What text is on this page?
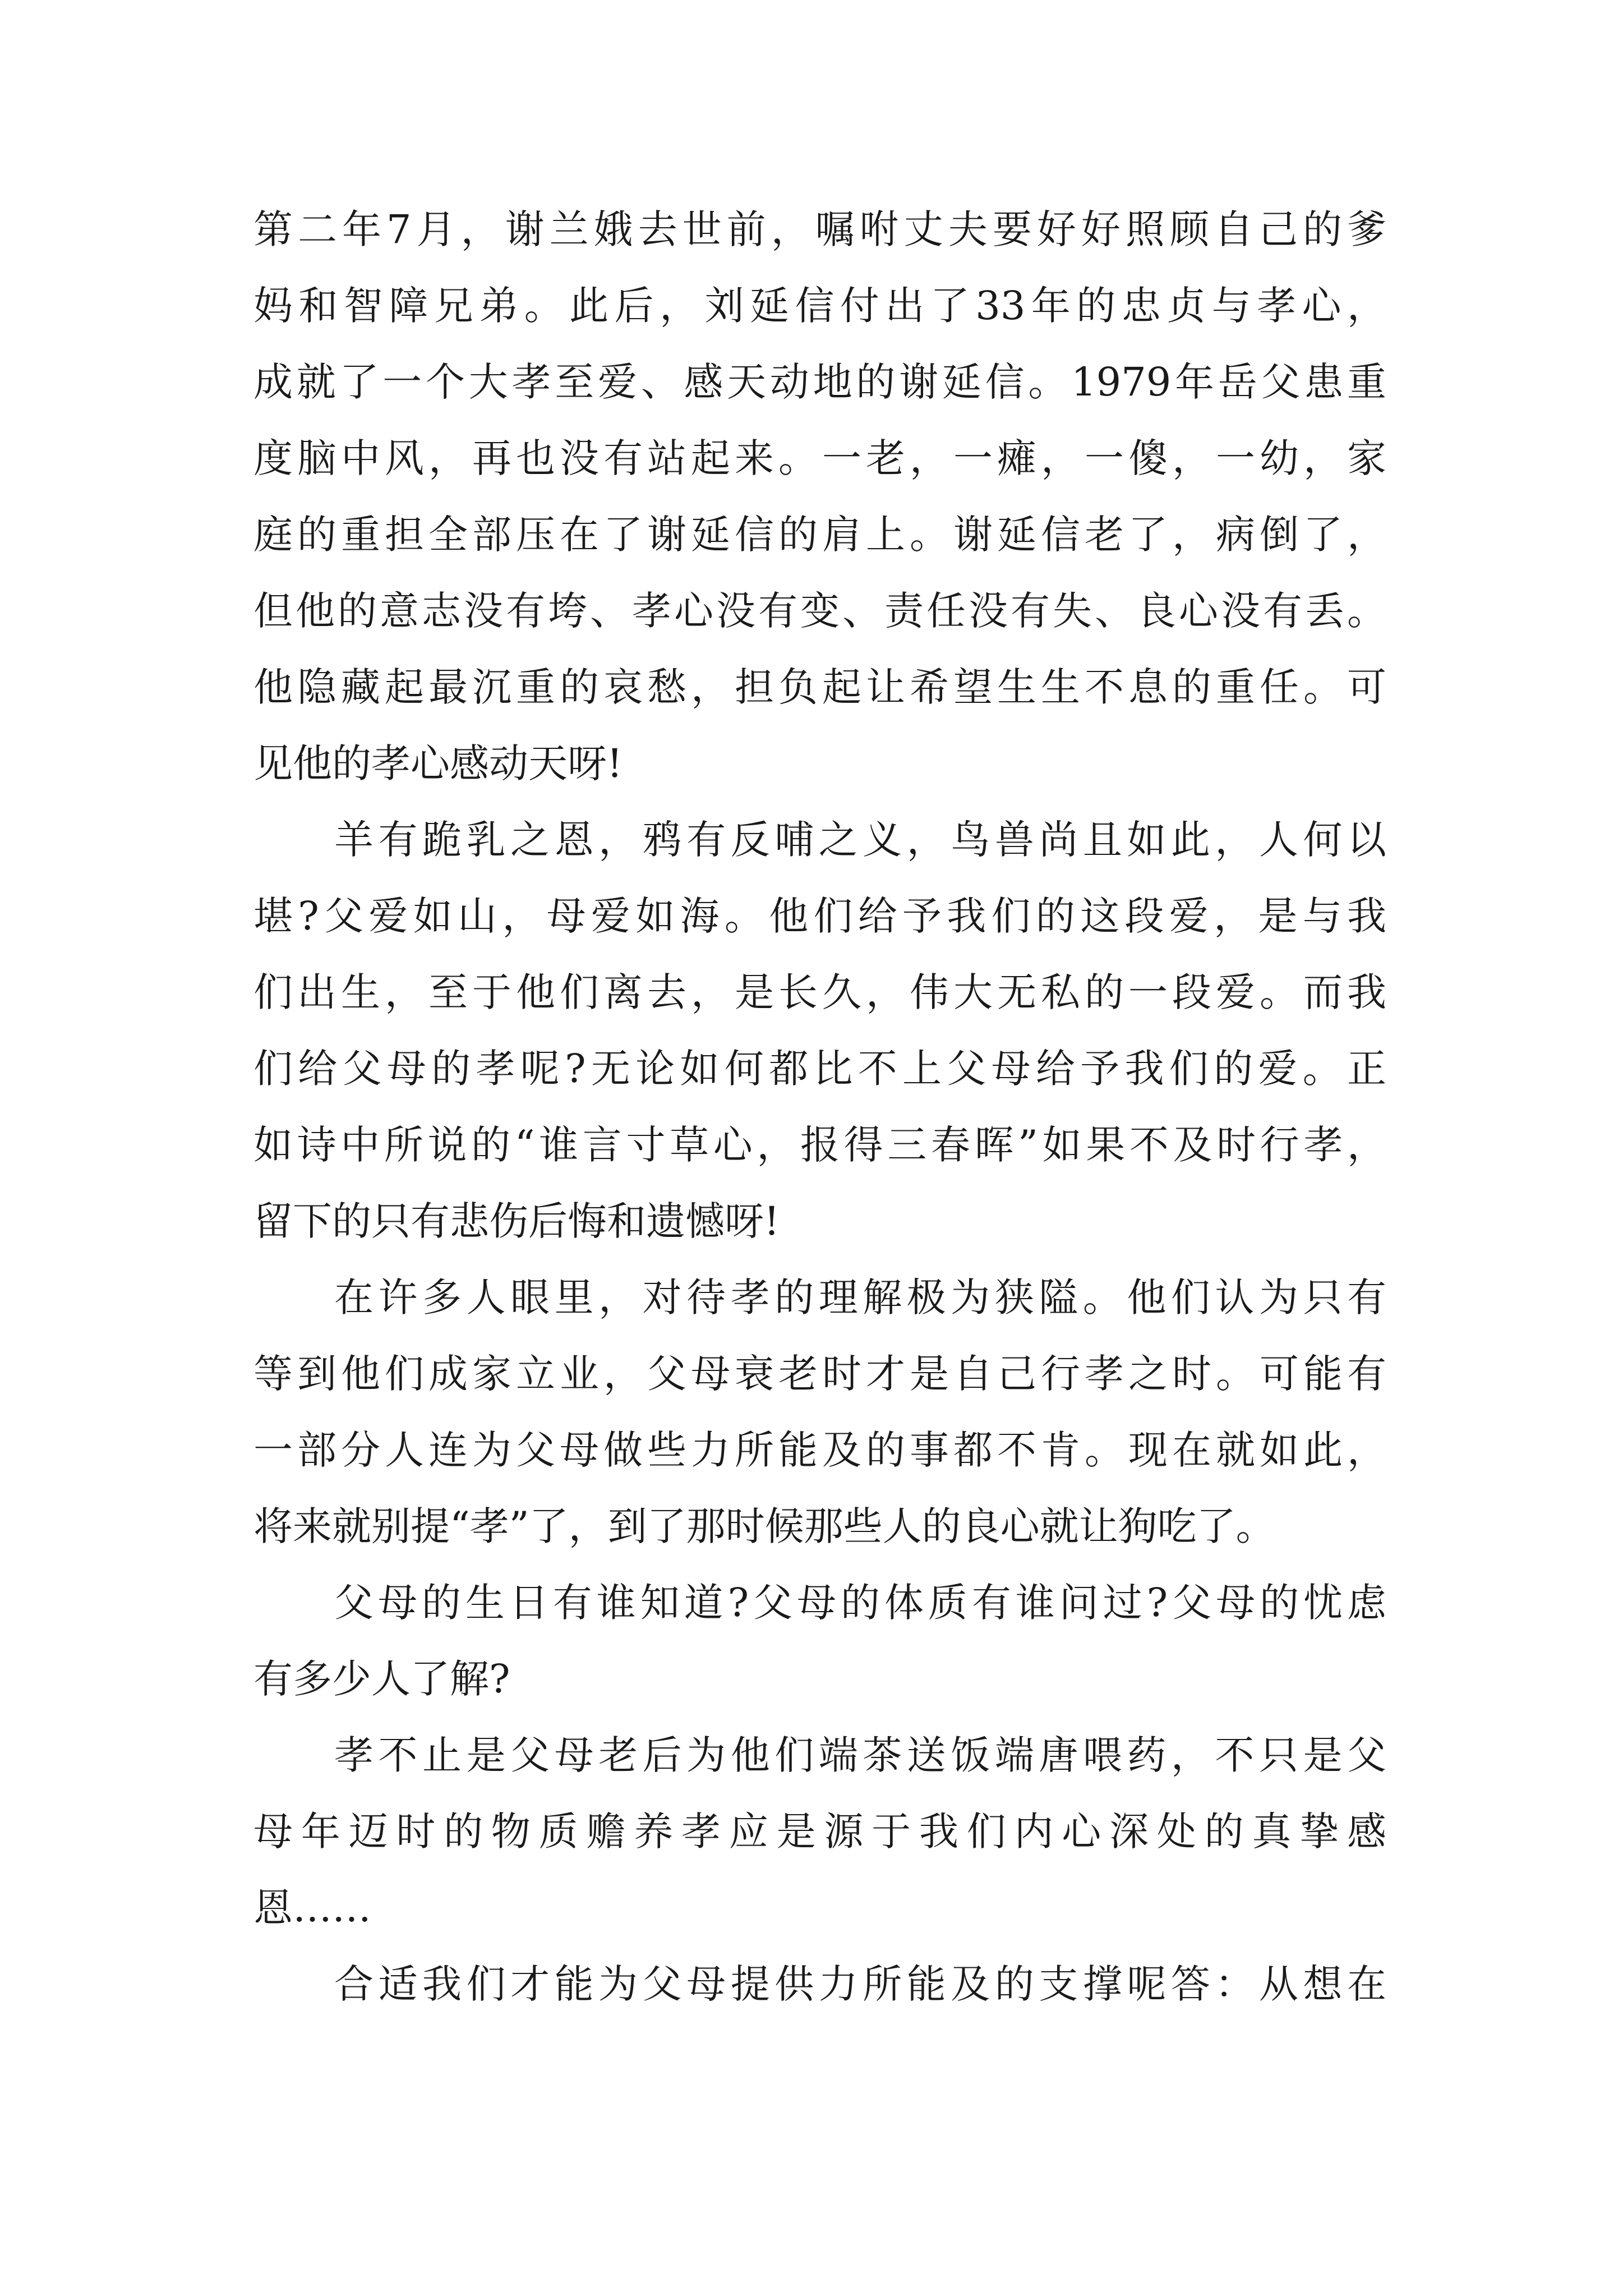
第二年7月，谢兰娥去世前，嘱咐丈夫要好好照顾自己的爹
妈和智障兄弟。此后，刘延信付出了33年的忠贞与孝心，
成就了一个大孝至爱、感天动地的谢延信。1979年岳父患重
度脑中风，再也没有站起来。一老，一瘫，一傻，一幼，家
庭的重担全部压在了谢延信的肩上。谢延信老了，病倒了，
但他的意志没有垮、孝心没有变、责任没有失、良心没有丢。
他隐藏起最沉重的哀愁，担负起让希望生生不息的重任。可
见他的孝心感动天呀!
羊有跪乳之恩，鸦有反哺之义，鸟兽尚且如此，人何以
堪?父爱如山，母爱如海。他们给予我们的这段爱，是与我
们出生，至于他们离去，是长久，伟大无私的一段爱。而我
们给父母的孝呢?无论如何都比不上父母给予我们的爱。正
如诗中所说的“谁言寸草心，报得三春晖”如果不及时行孝，
留下的只有悲伤后悔和遗憾呀!
在许多人眼里，对待孝的理解极为狭隘。他们认为只有
等到他们成家立业，父母衰老时才是自己行孝之时。可能有
一部分人连为父母做些力所能及的事都不肯。现在就如此，
将来就别提“孝”了，到了那时候那些人的良心就让狗吃了。
父母的生日有谁知道?父母的体质有谁问过?父母的忧虑
有多少人了解?
孝不止是父母老后为他们端茶送饭端唐喂药，不只是父
母年迈时的物质赡养孝应是源于我们内心深处的真挚感
恩……
合适我们才能为父母提供力所能及的支撑呢答：从想在
